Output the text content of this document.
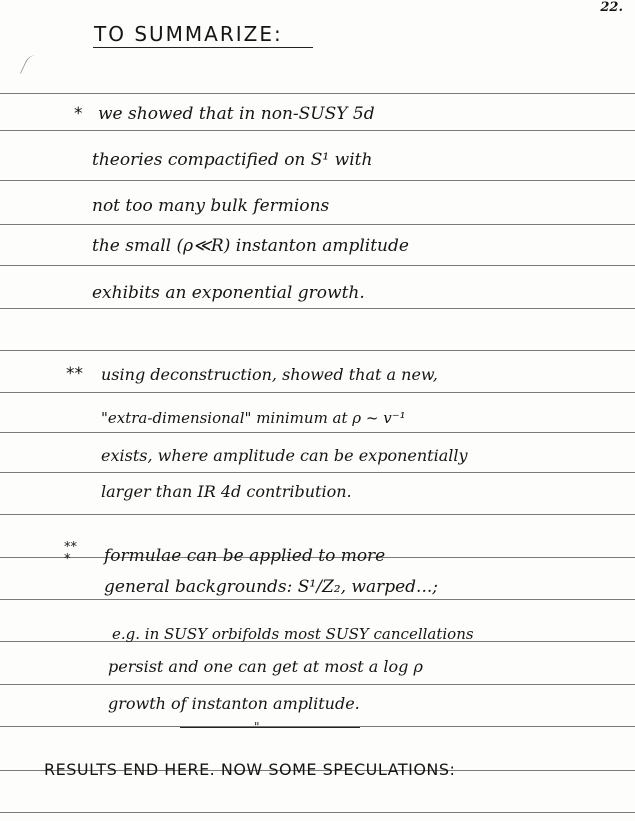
22.
TO SUMMARIZE:
* we showed that in non-SUSY 5d
theories compactified on S¹ with
not too many bulk fermions
the small (ρ≪R) instanton amplitude
exhibits an exponential growth.
** using deconstruction, showed that a new,
"extra-dimensional" minimum at ρ ~ v⁻¹
exists, where amplitude can be exponentially
larger than IR 4d contribution.
***	formulae can be applied to more
general backgrounds: S¹/Z₂, warped...;
e.g. in SUSY orbifolds most SUSY cancellations
persist and one can get at most a log ρ
growth of instanton amplitude.
"
RESULTS END HERE. NOW SOME SPECULATIONS:
